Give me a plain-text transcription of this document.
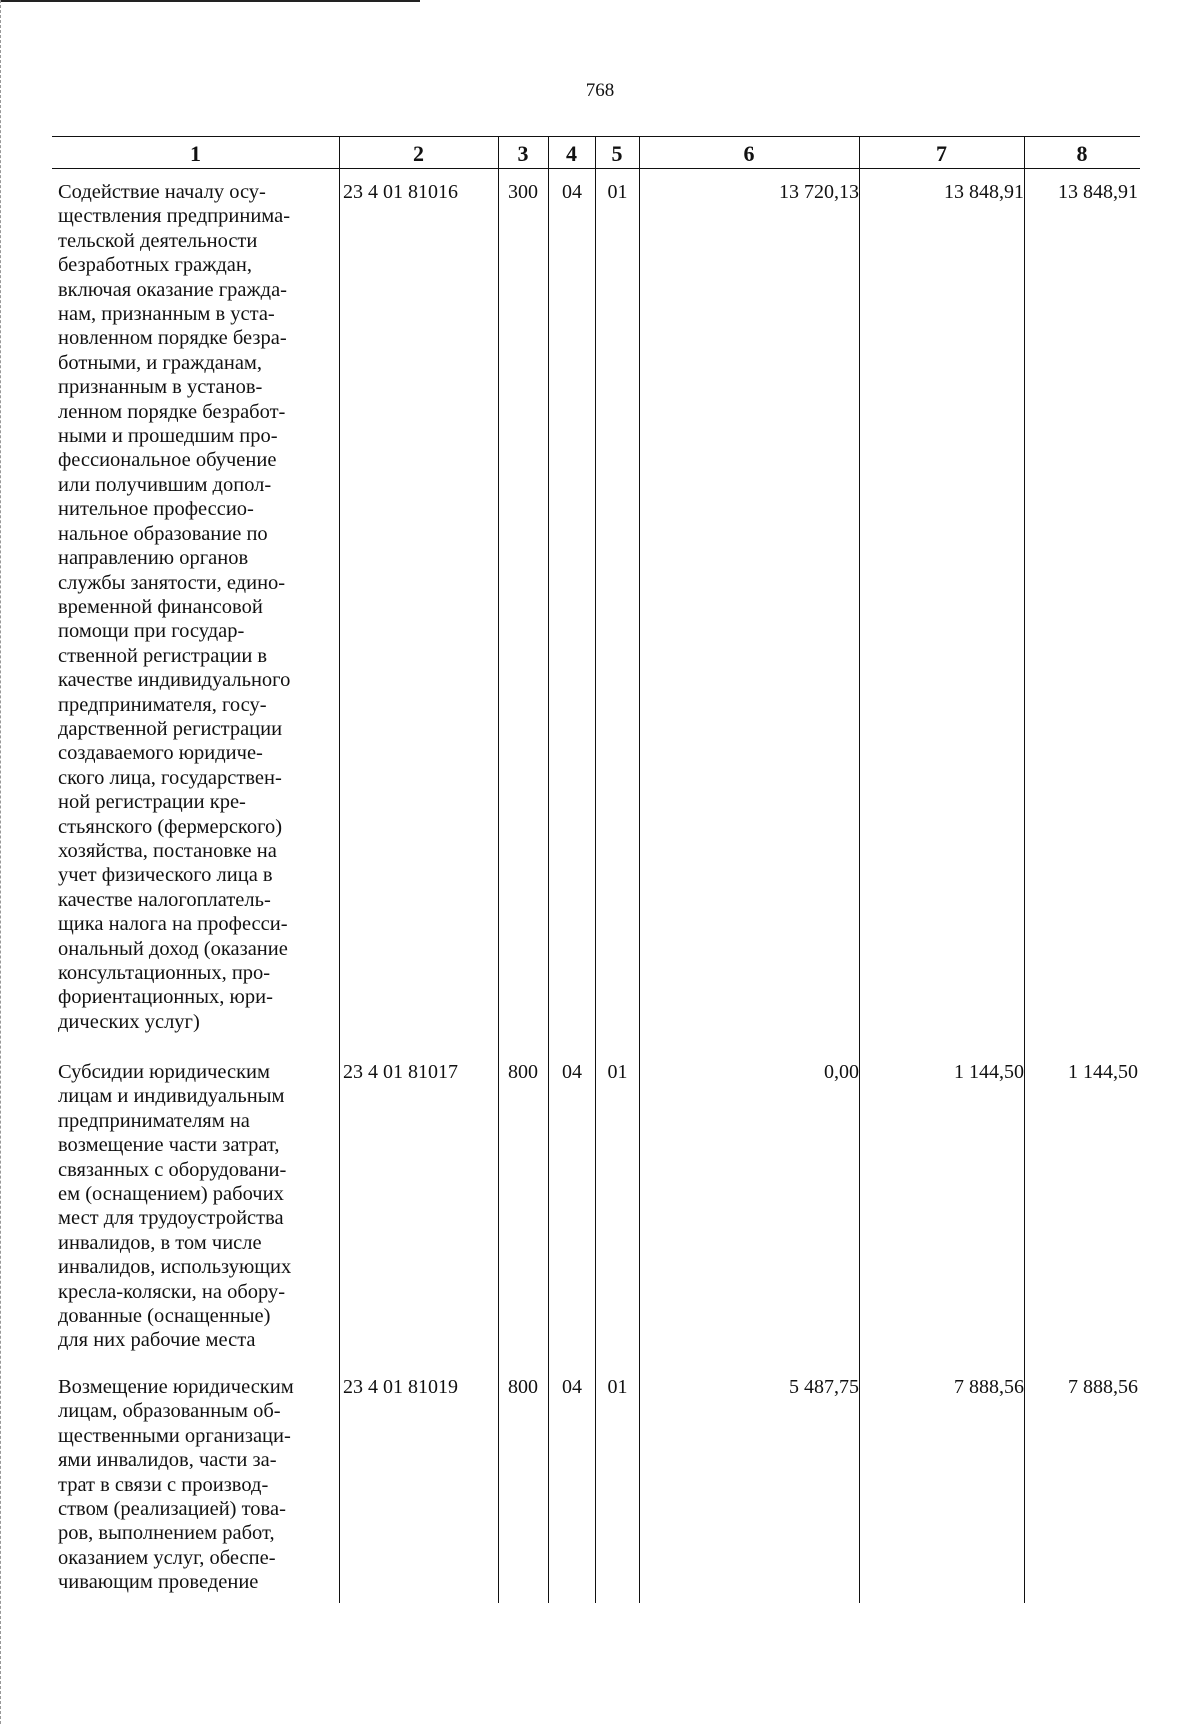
768
1	2	3	4	5	6	7	8
Содействие началу осу-
ществления предпринима-
тельской деятельности
безработных граждан,
включая оказание гражда-
нам, признанным в уста-
новленном порядке безра-
ботными, и гражданам,
признанным в установ-
ленном порядке безработ-
ными и прошедшим про-
фессиональное обучение
или получившим допол-
нительное профессио-
нальное образование по
направлению органов
службы занятости, едино-
временной финансовой
помощи при государ-
ственной регистрации в
качестве индивидуального
предпринимателя, госу-
дарственной регистрации
создаваемого юридиче-
ского лица, государствен-
ной регистрации кре-
стьянского (фермерского)
хозяйства, постановке на
учет физического лица в
качестве налогоплатель-
щика налога на професси-
ональный доход (оказание
консультационных, про-
фориентационных, юри-
дических услуг)
23 4 01 81016	300	04	01	13 720,13	13 848,91	13 848,91
Субсидии юридическим
лицам и индивидуальным
предпринимателям на
возмещение части затрат,
связанных с оборудовани-
ем (оснащением) рабочих
мест для трудоустройства
инвалидов, в том числе
инвалидов, использующих
кресла-коляски, на обору-
дованные (оснащенные)
для них рабочие места
23 4 01 81017	800	04	01	0,00	1 144,50	1 144,50
Возмещение юридическим
лицам, образованным об-
щественными организаци-
ями инвалидов, части за-
трат в связи с производ-
ством (реализацией) това-
ров, выполнением работ,
оказанием услуг, обеспе-
чивающим проведение
23 4 01 81019	800	04	01	5 487,75	7 888,56	7 888,56
